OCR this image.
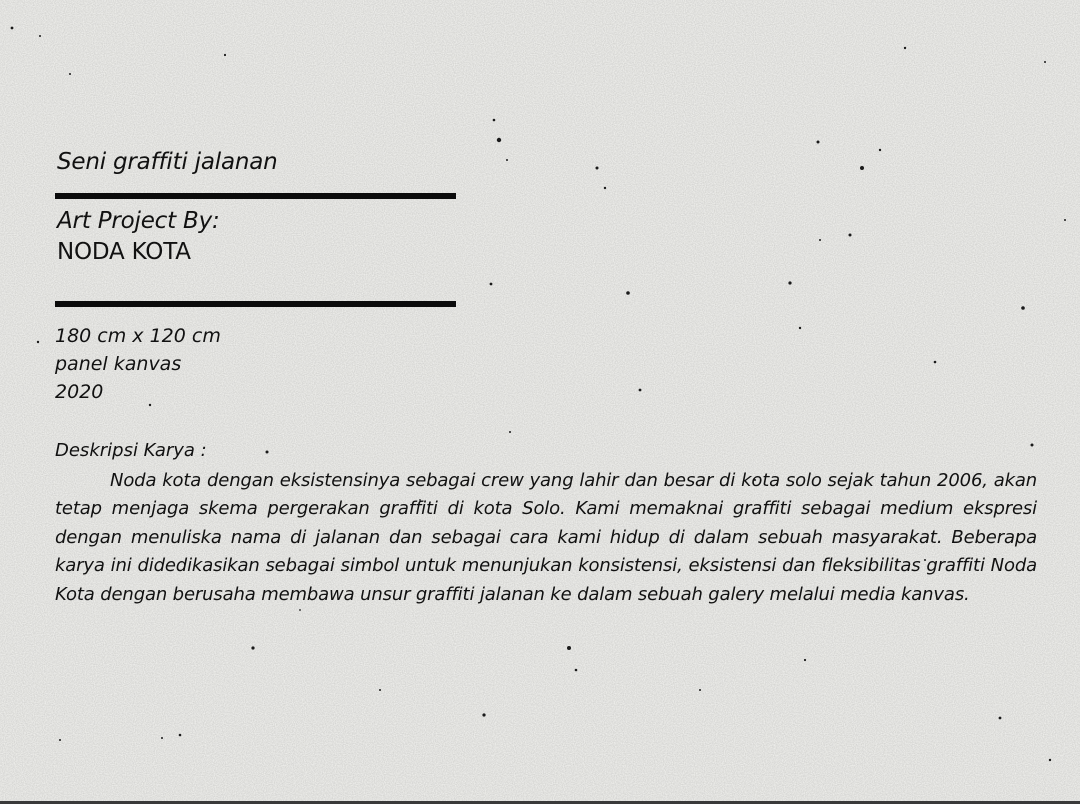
Seni graffiti jalanan
Art Project By:
NODA KOTA
180 cm x 120 cm
panel kanvas
2020
Deskripsi Karya :

Noda kota dengan eksistensinya sebagai crew yang lahir dan besar di kota solo sejak tahun 2006, akan tetap menjaga skema pergerakan graffiti di kota Solo. Kami memaknai graffiti sebagai medium ekspresi dengan menuliska nama di jalanan dan sebagai cara kami hidup di dalam sebuah masyarakat. Beberapa karya ini didedikasikan sebagai simbol untuk menunjukan konsistensi, eksistensi dan fleksibilitas graffiti Noda Kota dengan berusaha membawa unsur graffiti jalanan ke dalam sebuah galery melalui media kanvas.
